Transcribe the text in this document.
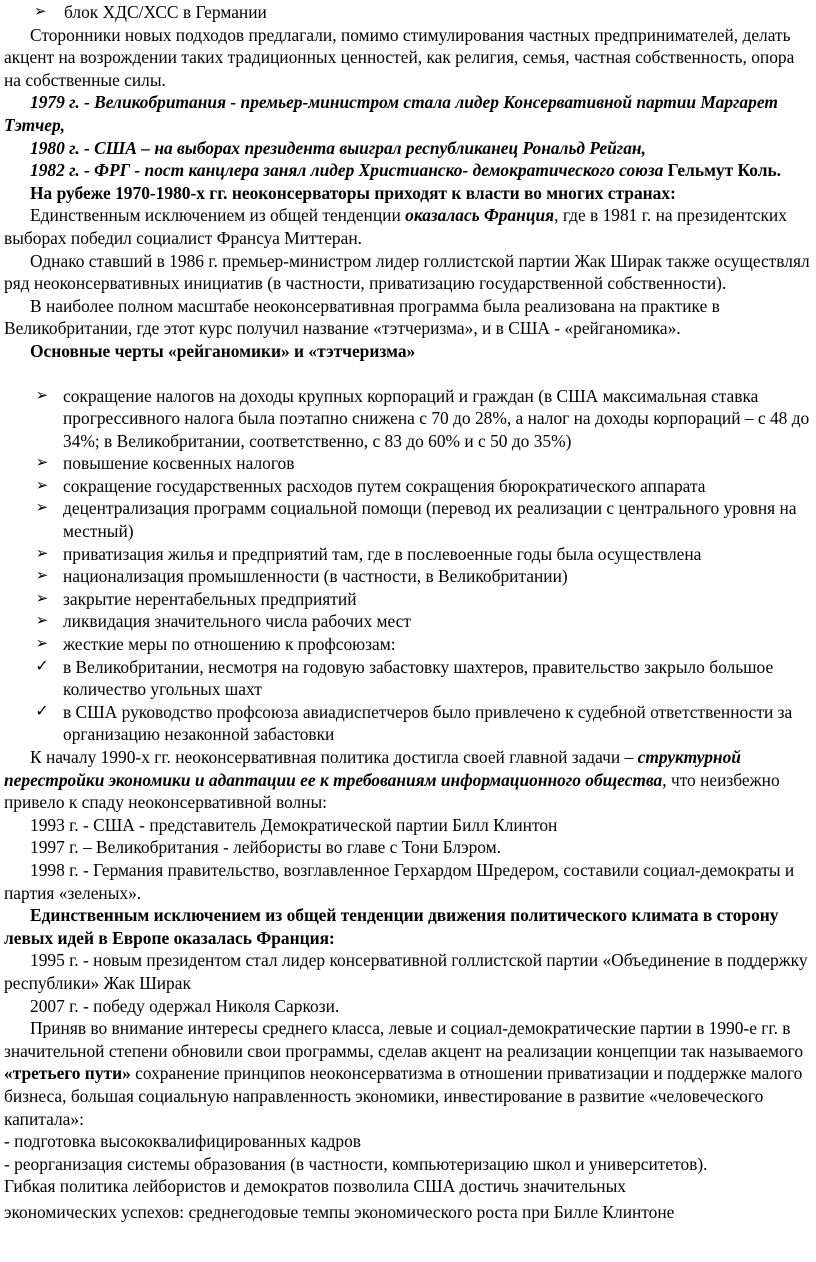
➢ блок ХДС/ХСС в Германии

Сторонники новых подходов предлагали, помимо стимулирования частных предпринимателей, делать акцент на возрождении таких традиционных ценностей, как религия, семья, частная собственность, опора на собственные силы.

1979 г. - Великобритания - премьер-министром стала лидер Консервативной партии Маргарет Тэтчер,

1980 г. - США – на выборах президента выиграл республиканец Рональд Рейган,

1982 г. - ФРГ - пост канцлера занял лидер Христианско- демократического союза Гельмут Коль.

На рубеже 1970-1980-х гг. неоконсерваторы приходят к власти во многих странах:

Единственным исключением из общей тенденции оказалась Франция, где в 1981 г. на президентских выборах победил социалист Франсуа Миттеран.

Однако ставший в 1986 г. премьер-министром лидер голлистской партии Жак Ширак также осуществлял ряд неоконсервативных инициатив (в частности, приватизацию государственной собственности).

В наиболее полном масштабе неоконсервативная программа была реализована на практике в Великобритании, где этот курс получил название «тэтчеризма», и в США - «рейганомика».

Основные черты «рейганомики» и «тэтчеризма»

➢ сокращение налогов на доходы крупных корпораций и граждан (в США максимальная ставка прогрессивного налога была поэтапно снижена с 70 до 28%, а налог на доходы корпораций – с 48 до 34%; в Великобритании, соответственно, с 83 до 60% и с 50 до 35%)
➢ повышение косвенных налогов
➢ сокращение государственных расходов путем сокращения бюрократического аппарата
➢ децентрализация программ социальной помощи (перевод их реализации с центрального уровня на местный)
➢ приватизация жилья и предприятий там, где в послевоенные годы была осуществлена
➢ национализация промышленности (в частности, в Великобритании)
➢ закрытие нерентабельных предприятий
➢ ликвидация значительного числа рабочих мест
➢ жесткие меры по отношению к профсоюзам:
✓ в Великобритании, несмотря на годовую забастовку шахтеров, правительство закрыло большое количество угольных шахт
✓ в США руководство профсоюза авиадиспетчеров было привлечено к судебной ответственности за организацию незаконной забастовки

К началу 1990-х гг. неоконсервативная политика достигла своей главной задачи – структурной перестройки экономики и адаптации ее к требованиям информационного общества, что неизбежно привело к спаду неоконсервативной волны:

1993 г. - США - представитель Демократической партии Билл Клинтон

1997 г. – Великобритания - лейбористы во главе с Тони Блэром.

1998 г. - Германия правительство, возглавленное Герхардом Шредером, составили социал-демократы и партия «зеленых».

Единственным исключением из общей тенденции движения политического климата в сторону левых идей в Европе оказалась Франция:

1995 г. - новым президентом стал лидер консервативной голлистской партии «Объединение в поддержку республики» Жак Ширак

2007 г. - победу одержал Николя Саркози.

Приняв во внимание интересы среднего класса, левые и социал-демократические партии в 1990-е гг. в значительной степени обновили свои программы, сделав акцент на реализации концепции так называемого «третьего пути» сохранение принципов неоконсерватизма в отношении приватизации и поддержке малого бизнеса, большая социальную направленность экономики, инвестирование в развитие «человеческого капитала»:

- подготовка высококвалифицированных кадров

- реорганизация системы образования (в частности, компьютеризацию школ и университетов).

Гибкая политика лейбористов и демократов позволила США достичь значительных

экономических успехов: среднегодовые темпы экономического роста при Билле Клинтоне
